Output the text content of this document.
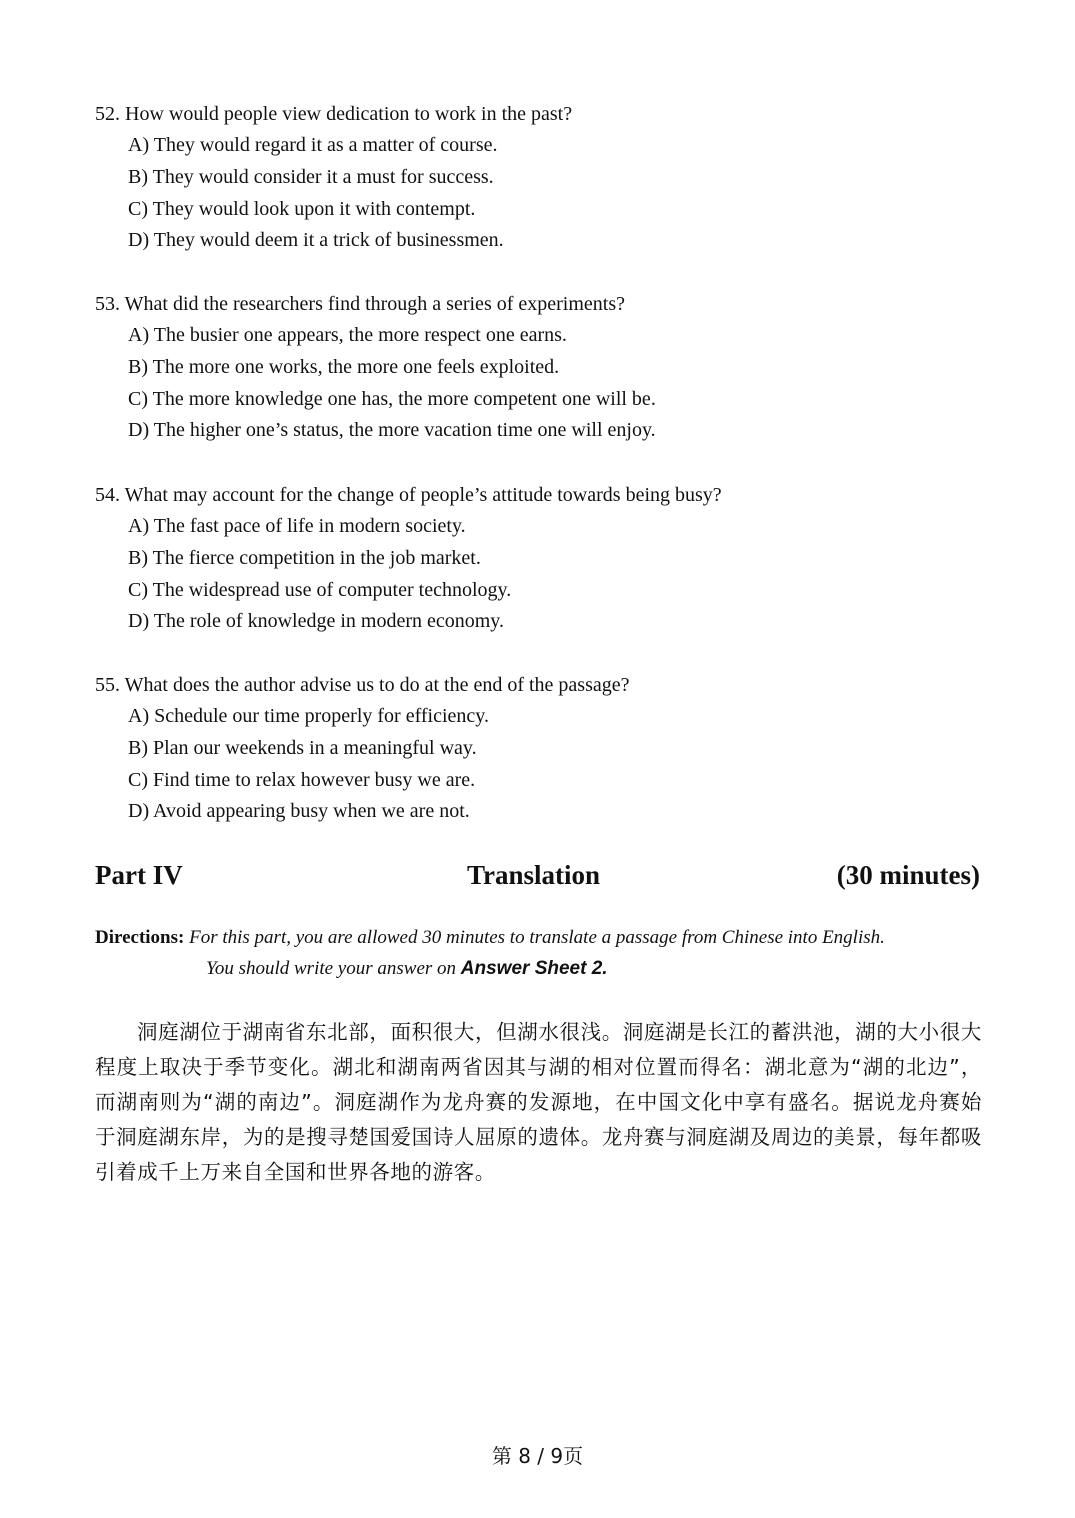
52. How would people view dedication to work in the past?
A) They would regard it as a matter of course.
B) They would consider it a must for success.
C) They would look upon it with contempt.
D) They would deem it a trick of businessmen.
53. What did the researchers find through a series of experiments?
A) The busier one appears, the more respect one earns.
B) The more one works, the more one feels exploited.
C) The more knowledge one has, the more competent one will be.
D) The higher one’s status, the more vacation time one will enjoy.
54. What may account for the change of people’s attitude towards being busy?
A) The fast pace of life in modern society.
B) The fierce competition in the job market.
C) The widespread use of computer technology.
D) The role of knowledge in modern economy.
55. What does the author advise us to do at the end of the passage?
A) Schedule our time properly for efficiency.
B) Plan our weekends in a meaningful way.
C) Find time to relax however busy we are.
D) Avoid appearing busy when we are not.
Part IV	Translation	(30 minutes)
Directions: For this part, you are allowed 30 minutes to translate a passage from Chinese into English.
You should write your answer on Answer Sheet 2.
洞庭湖位于湖南省东北部，面积很大，但湖水很浅。洞庭湖是长江的蓄洪池，湖的大小很大程度上取决于季节变化。湖北和湖南两省因其与湖的相对位置而得名：湖北意为“湖的北边”，而湖南则为“湖的南边”。洞庭湖作为龙舟赛的发源地，在中国文化中享有盛名。据说龙舟赛始于洞庭湖东岸，为的是搜寻楚国爱国诗人屈原的遗体。龙舟赛与洞庭湖及周边的美景，每年都吸引着成千上万来自全国和世界各地的游客。
第 8 / 9页
